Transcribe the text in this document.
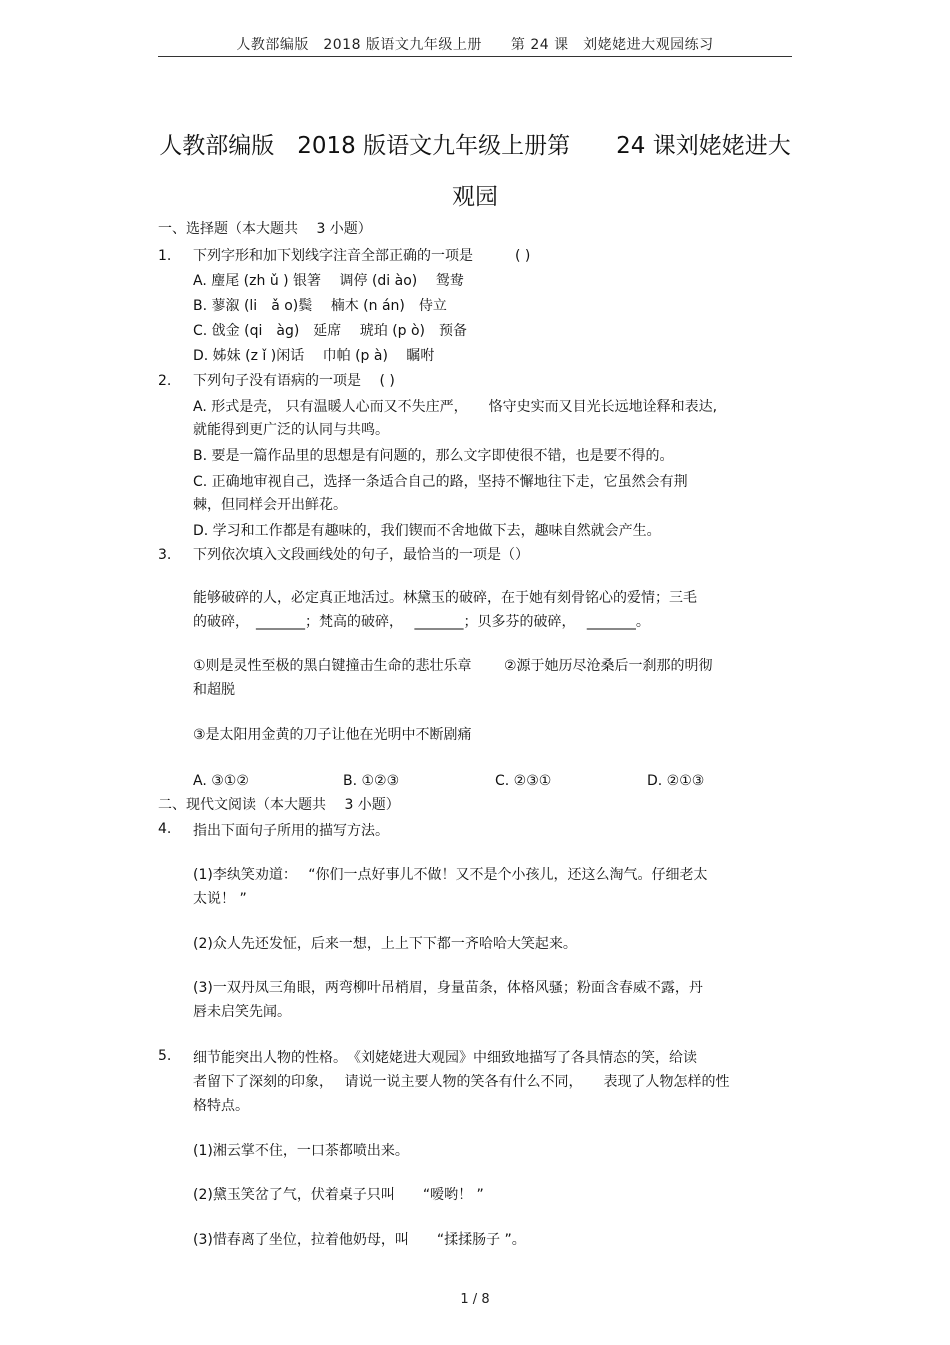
人教部编版　2018 版语文九年级上册　　第 24 课　刘姥姥进大观园练习
人教部编版　2018 版语文九年级上册第　　24 课刘姥姥进大
观园
一、选择题（本大题共　 3 小题）
1. 下列字形和加下划线字注音全部正确的一项是　　　( )
A. 麈尾 (zh ǔ ) 银箸　 调停 (di ào)　 鸳鸯
B. 蓼溆 (li　ǎ o)鬓　 楠木 (n án)　侍立
C. 戗金 (qi　àg)　延席　 琥珀 (p ò)　预备
D. 姊妹 (z ǐ )闲话　 巾帕 (p à)　 瞩咐
2. 下列句子没有语病的一项是　 ( )
A. 形式是壳， 只有温暖人心而又不失庄严，　　恪守史实而又目光长远地诠释和表达,
就能得到更广泛的认同与共鸣。
B. 要是一篇作品里的思想是有问题的，那么文字即使很不错，也是要不得的。
C. 正确地审视自己，选择一条适合自己的路，坚持不懈地往下走，它虽然会有荆
棘，但同样会开出鲜花。
D. 学习和工作都是有趣味的，我们锲而不舍地做下去，趣味自然就会产生。
3. 下列依次填入文段画线处的句子，最恰当的一项是（）
能够破碎的人，必定真正地活过。林黛玉的破碎，在于她有刻骨铭心的爱情；三毛
的破碎，　_______；梵高的破碎，　 _______；贝多芬的破碎，　 _______。
①则是灵性至极的黑白键撞击生命的悲壮乐章　　 ②源于她历尽沧桑后一刹那的明彻
和超脱
③是太阳用金黄的刀子让他在光明中不断剧痛
A. ③①②	B. ①②③	C. ②③①	D. ②①③
二、现代文阅读（本大题共　 3 小题）
4. 指出下面句子所用的描写方法。
(1)李纨笑劝道：　 “你们一点好事儿不做！又不是个小孩儿，还这么淘气。仔细老太
太说！ ”
(2)众人先还发怔，后来一想，上上下下都一齐哈哈大笑起来。
(3)一双丹凤三角眼，两弯柳叶吊梢眉，身量苗条，体格风骚；粉面含春威不露，丹
唇未启笑先闻。
5. 细节能突出人物的性格。　《刘姥姥进大观园》中细致地描写了各具情态的笑，给读
者留下了深刻的印象，　 请说一说主要人物的笑各有什么不同，　　表现了人物怎样的性
格特点。
(1)湘云掌不住，一口茶都喷出来。
(2)黛玉笑岔了气，伏着桌子只叫　　“嗳哟！ ”
(3)惜春离了坐位，拉着他奶母，叫　　“揉揉肠子 ”。
1 / 8
